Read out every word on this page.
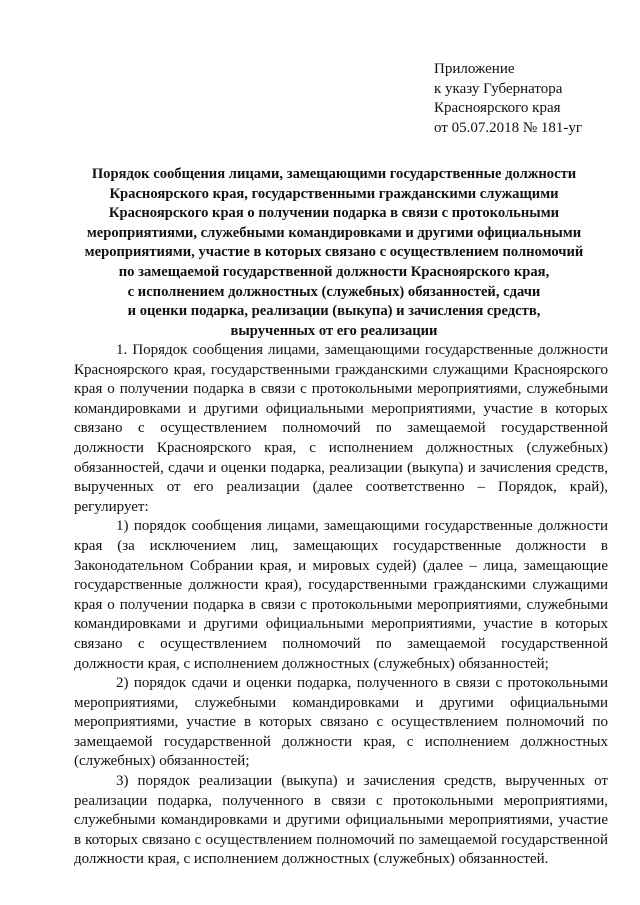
Приложение
к указу Губернатора
Красноярского края
от 05.07.2018 № 181-уг
Порядок сообщения лицами, замещающими государственные должности
Красноярского края, государственными гражданскими служащими
Красноярского края о получении подарка в связи с протокольными
мероприятиями, служебными командировками и другими официальными
мероприятиями, участие в которых связано с осуществлением полномочий
по замещаемой государственной должности Красноярского края,
с исполнением должностных (служебных) обязанностей, сдачи
и оценки подарка, реализации (выкупа) и зачисления средств,
вырученных от его реализации

1. Порядок сообщения лицами, замещающими государственные должности Красноярского края, государственными гражданскими служащими Красноярского края о получении подарка в связи с протокольными мероприятиями, служебными командировками и другими официальными мероприятиями, участие в которых связано с осуществлением полномочий по замещаемой государственной должности Красноярского края, с исполнением должностных (служебных) обязанностей, сдачи и оценки подарка, реализации (выкупа) и зачисления средств, вырученных от его реализации (далее соответственно – Порядок, край), регулирует:

1) порядок сообщения лицами, замещающими государственные должности края (за исключением лиц, замещающих государственные должности в Законодательном Собрании края, и мировых судей) (далее – лица, замещающие государственные должности края), государственными гражданскими служащими края о получении подарка в связи с протокольными мероприятиями, служебными командировками и другими официальными мероприятиями, участие в которых связано с осуществлением полномочий по замещаемой государственной должности края, с исполнением должностных (служебных) обязанностей;

2) порядок сдачи и оценки подарка, полученного в связи с протокольными мероприятиями, служебными командировками и другими официальными мероприятиями, участие в которых связано с осуществлением полномочий по замещаемой государственной должности края, с исполнением должностных (служебных) обязанностей;

3) порядок реализации (выкупа) и зачисления средств, вырученных от реализации подарка, полученного в связи с протокольными мероприятиями, служебными командировками и другими официальными мероприятиями, участие в которых связано с осуществлением полномочий по замещаемой государственной должности края, с исполнением должностных (служебных) обязанностей.
